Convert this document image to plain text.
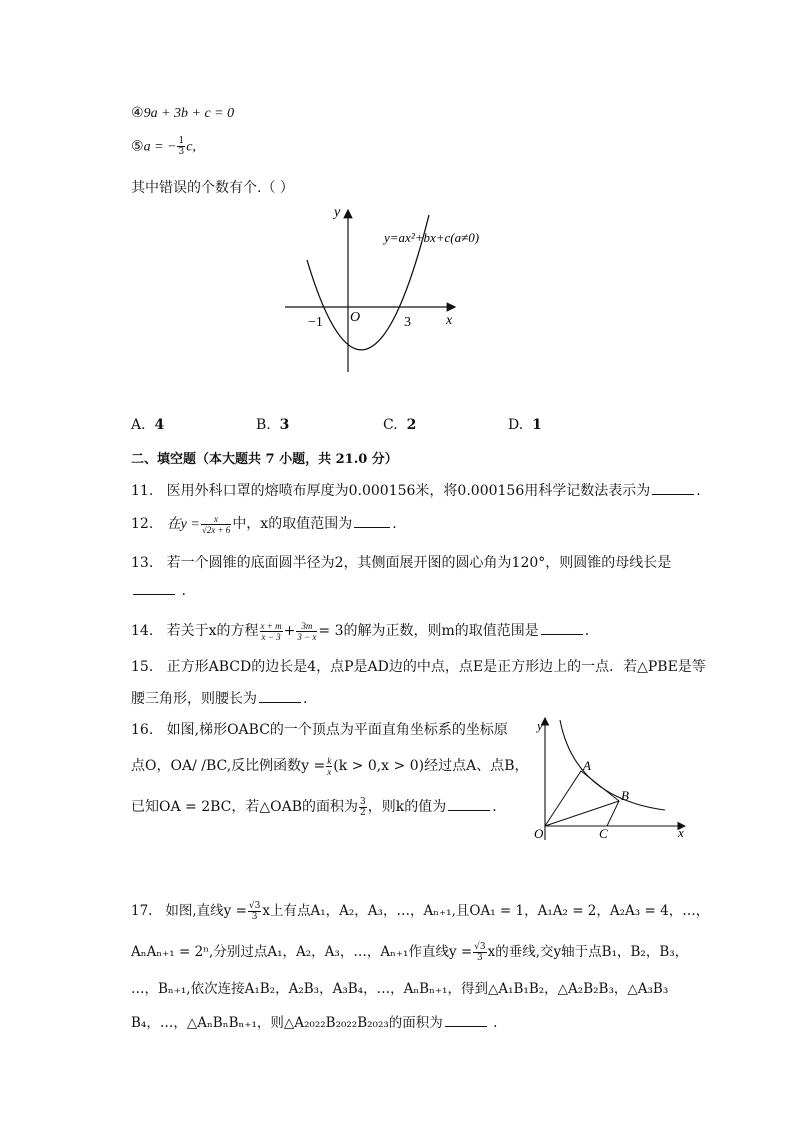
④9a + 3b + c = 0
⑤a = − $\frac{1}{3} c$,
其中错误的个数有个.（ ）
y
x
O
−1	3
y=ax²+bx+c(a≠0)
A. 4	B. 3	C. 2	D. 1
二、填空题（本大题共 7 小题，共 21.0 分）
11. 医用外科口罩的熔喷布厚度为0.000156米，将0.000156用科学记数法表示为	.
12. 在$y = \frac{x}{√2x + 6}$ 中，x的取值范围为	.
13. 若一个圆锥的底面圆半径为2，其侧面展开图的圆心角为120°，则圆锥的母线长是
.
14. 若关于x的方程 $\frac{x + m}{x - 3} + \frac{3m}{3 - x} = 3$的解为正数，则m的取值范围是	.
15. 正方形ABCD的边长是4，点P是AD边的中点，点E是正方形边上的一点．若△PBE是等
腰三角形，则腰长为	.
16. 如图,梯形OABC的一个顶点为平面直角坐标系的坐标原
点O，OA/ /BC,反比例函数$y = \frac{k}{x} (k > 0,x > 0)$经过点A、点B，
已知OA = 2BC，若△OAB的面积为 $\frac{3}{2}$ ，则k的值为	.
y
x
O
A
B
C
17. 如图,直线$y = \frac{√3}{3}$ x上有点A₁，A₂，A₃，…，Aₙ₊₁,且OA₁ = 1，A₁A₂ = 2，A₂A₃ = 4，…，
AₙAₙ₊₁ = 2ⁿ,分别过点A₁，A₂，A₃，…，Aₙ₊₁作直线$y = \frac{√3}{3}$ x的垂线,交y轴于点B₁，B₂，B₃，
…，Bₙ₊₁,依次连接A₁B₂，A₂B₃，A₃B₄，…，AₙBₙ₊₁，得到△A₁B₁B₂，△A₂B₂B₃，△A₃B₃
B₄，…，△AₙBₙBₙ₊₁，则△A₂₀₂₂B₂₀₂₂B₂₀₂₃的面积为	.
